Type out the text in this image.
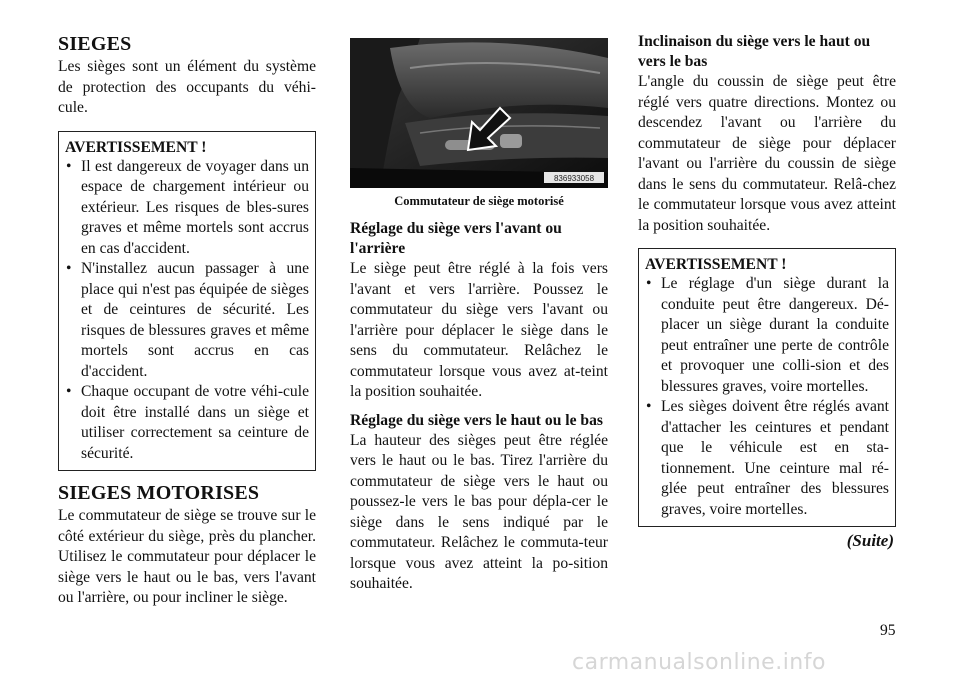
SIEGES

Les sièges sont un élément du système de protection des occupants du véhi-cule.

AVERTISSEMENT !
• Il est dangereux de voyager dans un espace de chargement intérieur ou extérieur. Les risques de bles-sures graves et même mortels sont accrus en cas d'accident.
• N'installez aucun passager à une place qui n'est pas équipée de sièges et de ceintures de sécurité. Les risques de blessures graves et même mortels sont accrus en cas d'accident.
• Chaque occupant de votre véhi-cule doit être installé dans un siège et utiliser correctement sa ceinture de sécurité.
SIEGES MOTORISES

Le commutateur de siège se trouve sur le côté extérieur du siège, près du plancher. Utilisez le commutateur pour déplacer le siège vers le haut ou le bas, vers l'avant ou l'arrière, ou pour incliner le siège.

836933058
Commutateur de siège motorisé
Réglage du siège vers l'avant ou l'arrière

Le siège peut être réglé à la fois vers l'avant et vers l'arrière. Poussez le commutateur du siège vers l'avant ou l'arrière pour déplacer le siège dans le sens du commutateur. Relâchez le commutateur lorsque vous avez at-teint la position souhaitée.

Réglage du siège vers le haut ou le bas

La hauteur des sièges peut être réglée vers le haut ou le bas. Tirez l'arrière du commutateur de siège vers le haut ou poussez-le vers le bas pour dépla-cer le siège dans le sens indiqué par le commutateur. Relâchez le commuta-teur lorsque vous avez atteint la po-sition souhaitée.

Inclinaison du siège vers le haut ou vers le bas

L'angle du coussin de siège peut être réglé vers quatre directions. Montez ou descendez l'avant ou l'arrière du commutateur de siège pour déplacer l'avant ou l'arrière du coussin de siège dans le sens du commutateur. Relâ-chez le commutateur lorsque vous avez atteint la position souhaitée.

AVERTISSEMENT !
• Le réglage d'un siège durant la conduite peut être dangereux. Dé-placer un siège durant la conduite peut entraîner une perte de contrôle et provoquer une colli-sion et des blessures graves, voire mortelles.
• Les sièges doivent être réglés avant d'attacher les ceintures et pendant que le véhicule est en sta-tionnement. Une ceinture mal ré-glée peut entraîner des blessures graves, voire mortelles.
(Suite)
95
carmanualsonline.info
